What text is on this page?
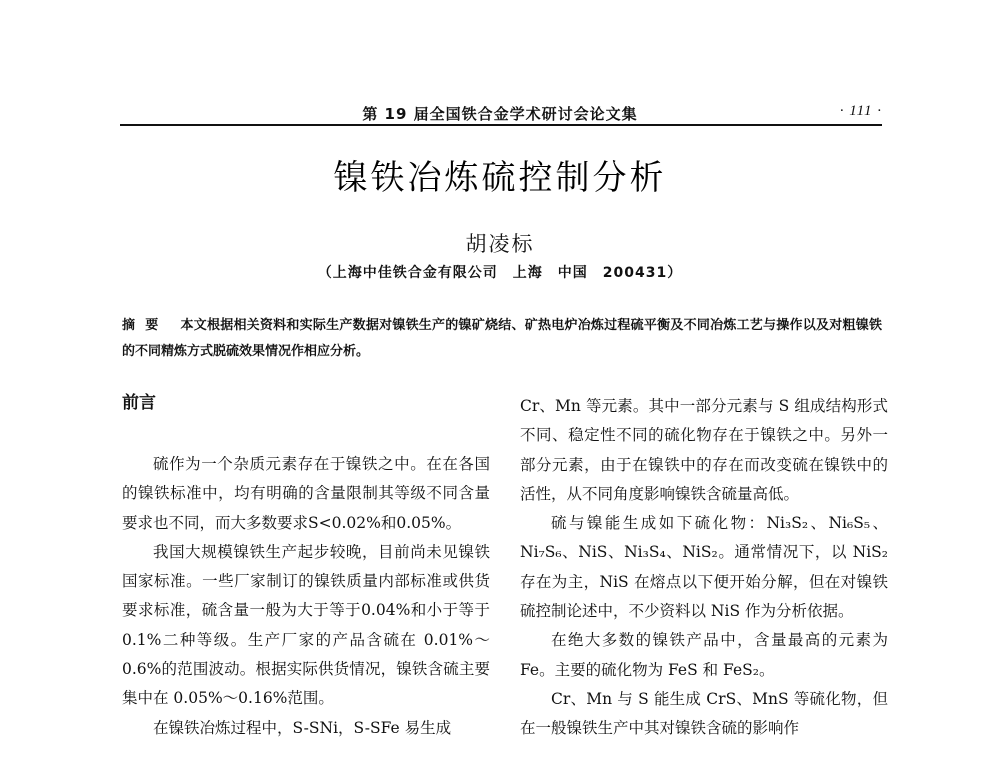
第 19 届全国铁合金学术研讨会论文集	· 111 ·
镍铁冶炼硫控制分析
胡凌标
（上海中佳铁合金有限公司　上海　中国　200431）
摘要 本文根据相关资料和实际生产数据对镍铁生产的镍矿烧结、矿热电炉冶炼过程硫平衡及不同冶炼工艺与操作以及对粗镍铁的不同精炼方式脱硫效果情况作相应分析。
前言

硫作为一个杂质元素存在于镍铁之中。在在各国的镍铁标准中，均有明确的含量限制其等级不同含量要求也不同，而大多数要求S<0.02%和0.05%。

我国大规模镍铁生产起步较晚，目前尚未见镍铁国家标准。一些厂家制订的镍铁质量内部标准或供货要求标准，硫含量一般为大于等于0.04%和小于等于0.1%二种等级。生产厂家的产品含硫在 0.01%～0.6%的范围波动。根据实际供货情况，镍铁含硫主要集中在 0.05%～0.16%范围。

在镍铁冶炼过程中，S-SNi，S-SFe 易生成

Cr、Mn 等元素。其中一部分元素与 S 组成结构形式不同、稳定性不同的硫化物存在于镍铁之中。另外一部分元素，由于在镍铁中的存在而改变硫在镍铁中的活性，从不同角度影响镍铁含硫量高低。

硫与镍能生成如下硫化物：Ni₃S₂、Ni₆S₅、Ni₇S₆、NiS、Ni₃S₄、NiS₂。通常情况下，以 NiS₂ 存在为主，NiS 在熔点以下便开始分解，但在对镍铁硫控制论述中，不少资料以 NiS 作为分析依据。

在绝大多数的镍铁产品中，含量最高的元素为 Fe。主要的硫化物为 FeS 和 FeS₂。

Cr、Mn 与 S 能生成 CrS、MnS 等硫化物，但在一般镍铁生产中其对镍铁含硫的影响作
